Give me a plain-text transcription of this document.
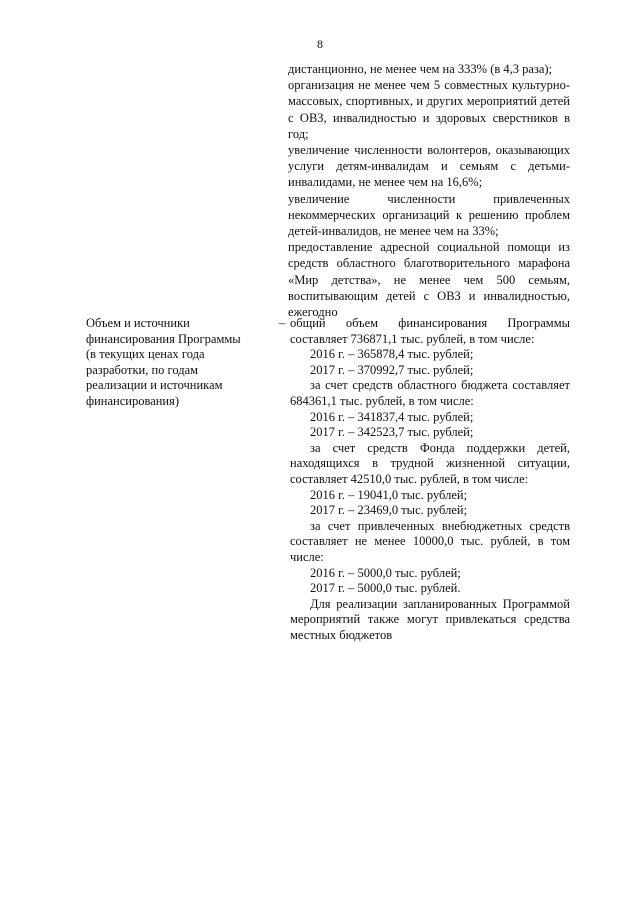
8

дистанционно, не менее чем на 333% (в 4,3 раза);

организация не менее чем 5 совместных культурно-массовых, спортивных, и других мероприятий детей с ОВЗ, инвалидностью и здоровых сверстников в год;

увеличение численности волонтеров, оказывающих услуги детям-инвалидам и семьям с детьми-инвалидами, не менее чем на 16,6%;

увеличение численности привлеченных некоммерческих организаций к решению проблем детей-инвалидов, не менее чем на 33%;

предоставление адресной социальной помощи из средств областного благотворительного марафона «Мир детства», не менее чем 500 семьям, воспитывающим детей с ОВЗ и инвалидностью, ежегодно

Объем и источники
финансирования Программы
(в текущих ценах года
разработки, по годам
реализации и источникам
финансирования)
– общий объем финансирования Программы составляет 736871,1 тыс. рублей, в том числе:

2016 г. – 365878,4 тыс. рублей;

2017 г. – 370992,7 тыс. рублей;

за счет средств областного бюджета составляет 684361,1 тыс. рублей, в том числе:

2016 г. – 341837,4 тыс. рублей;

2017 г. – 342523,7 тыс. рублей;

за счет средств Фонда поддержки детей, находящихся в трудной жизненной ситуации, составляет 42510,0 тыс. рублей, в том числе:

2016 г. – 19041,0 тыс. рублей;

2017 г. – 23469,0 тыс. рублей;

за счет привлеченных внебюджетных средств составляет не менее 10000,0 тыс. рублей, в том числе:

2016 г. – 5000,0 тыс. рублей;

2017 г. – 5000,0 тыс. рублей.

Для реализации запланированных Программой мероприятий также могут привлекаться средства местных бюджетов
